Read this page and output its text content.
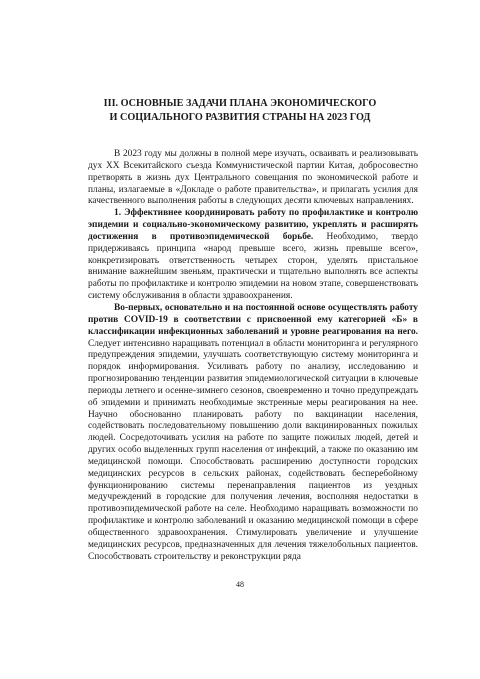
III. ОСНОВНЫЕ ЗАДАЧИ ПЛАНА ЭКОНОМИЧЕСКОГО
И СОЦИАЛЬНОГО РАЗВИТИЯ СТРАНЫ НА 2023 ГОД

В 2023 году мы должны в полной мере изучать, осваивать и реализовывать дух XX Всекитайского съезда Коммунистической партии Китая, добросовестно претворять в жизнь дух Центрального совещания по экономической работе и планы, излагаемые в «Докладе о работе правительства», и прилагать усилия для качественного выполнения работы в следующих десяти ключевых направлениях.

1. Эффективнее координировать работу по профилактике и контролю эпидемии и социально-экономическому развитию, укреплять и расширять достижения в противоэпидемической борьбе. Необходимо, твердо придерживаясь принципа «народ превыше всего, жизнь превыше всего», конкретизировать ответственность четырех сторон, уделять пристальное внимание важнейшим звеньям, практически и тщательно выполнять все аспекты работы по профилактике и контролю эпидемии на новом этапе, совершенствовать систему обслуживания в области здравоохранения.

Во-первых, основательно и на постоянной основе осуществлять работу против COVID-19 в соответствии с присвоенной ему категорией «Б» в классификации инфекционных заболеваний и уровне реагирования на него. Следует интенсивно наращивать потенциал в области мониторинга и регулярного предупреждения эпидемии, улучшать соответствующую систему мониторинга и порядок информирования. Усиливать работу по анализу, исследованию и прогнозированию тенденции развития эпидемиологической ситуации в ключевые периоды летнего и осенне-зимнего сезонов, своевременно и точно предупреждать об эпидемии и принимать необходимые экстренные меры реагирования на нее. Научно обоснованно планировать работу по вакцинации населения, содействовать последовательному повышению доли вакцинированных пожилых людей. Сосредоточивать усилия на работе по защите пожилых людей, детей и других особо выделенных групп населения от инфекций, а также по оказанию им медицинской помощи. Способствовать расширению доступности городских медицинских ресурсов в сельских районах, содействовать бесперебойному функционированию системы перенаправления пациентов из уездных медучреждений в городские для получения лечения, восполняя недостатки в противоэпидемической работе на селе. Необходимо наращивать возможности по профилактике и контролю заболеваний и оказанию медицинской помощи в сфере общественного здравоохранения. Стимулировать увеличение и улучшение медицинских ресурсов, предназначенных для лечения тяжелобольных пациентов. Способствовать строительству и реконструкции ряда

48
